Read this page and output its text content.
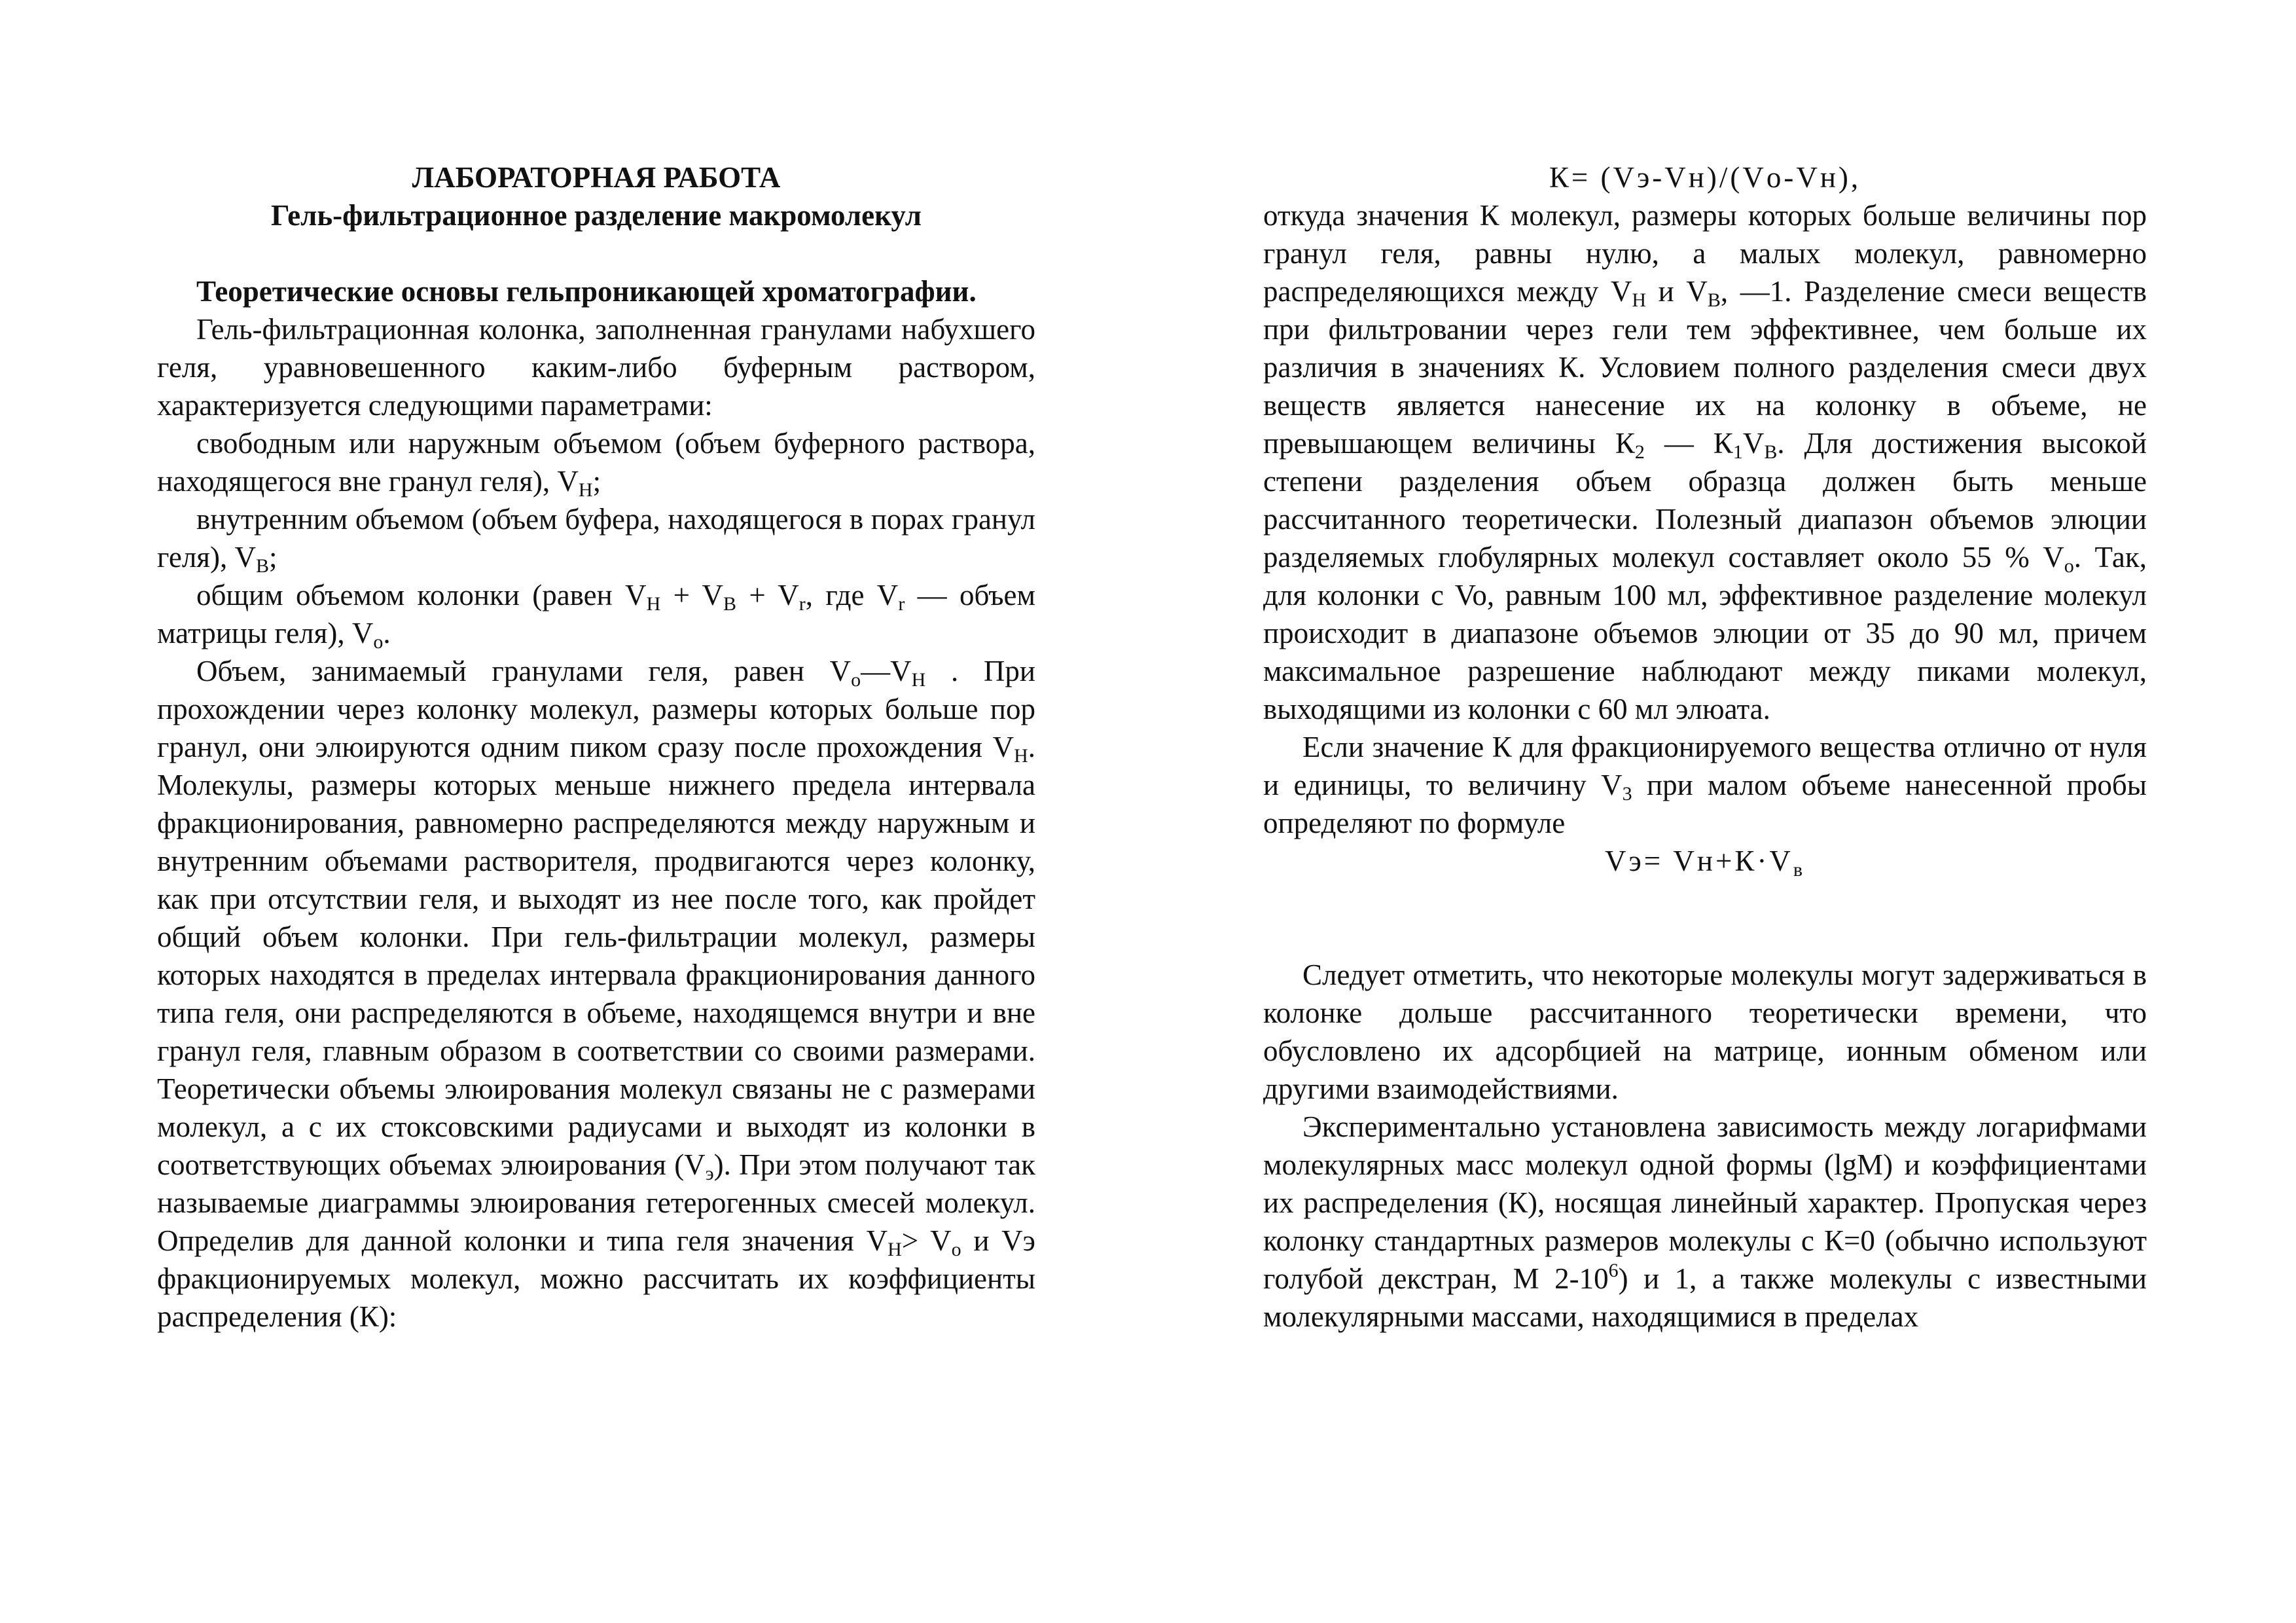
ЛАБОРАТОРНАЯ РАБОТА

Гель-фильтрационное разделение макромолекул

Теоретические основы гельпроникающей хроматографии.

Гель-фильтрационная колонка, заполненная гранулами набухшего геля, уравновешенного каким-либо буферным раствором, характеризуется следующими параметрами:

свободным или наружным объемом (объем буферного раствора, находящегося вне гранул геля), $V_H$;

внутренним объемом (объем буфера, находящегося в порах гранул геля), $V_B$;

общим объемом колонки (равен $V_H + V_B + V_r$, где $V_r$ — объем матрицы геля), $V_o$.

Объем, занимаемый гранулами геля, равен $V_o—V_H$ . При прохождении через колонку молекул, размеры которых больше пор гранул, они элюируются одним пиком сразу после прохождения $V_H$. Молекулы, размеры которых меньше нижнего предела интервала фракционирования, равномерно распределяются между наружным и внутренним объемами растворителя, продвигаются через колонку, как при отсутствии геля, и выходят из нее после того, как пройдет общий объем колонки. При гель-фильтрации молекул, размеры которых находятся в пределах интервала фракционирования данного типа геля, они распределяются в объеме, находящемся внутри и вне гранул геля, главным образом в соответствии со своими размерами. Теоретически объемы элюирования молекул связаны не с размерами молекул, а с их стоксовскими радиусами и выходят из колонки в соответствующих объемах элюирования $(V_э)$. При этом получают так называемые диаграммы элюирования гетерогенных смесей молекул. Определив для данной колонки и типа геля значения $V_H> V_o$ и Vэ фракционируемых молекул, можно рассчитать их коэффициенты распределения (К):

К= (Vэ-Vн)/(Vо-Vн),

откуда значения К молекул, размеры которых больше величины пор гранул геля, равны нулю, а малых молекул, равномерно распределяющихся между $V_H$ и $V_B$, —1. Разделение смеси веществ при фильтровании через гели тем эффективнее, чем больше их различия в значениях К. Условием полного разделения смеси двух веществ является нанесение их на колонку в объеме, не превышающем величины $К_2$ — $К_1V_B$. Для достижения высокой степени разделения объем образца должен быть меньше рассчитанного теоретически. Полезный диапазон объемов элюции разделяемых глобулярных молекул составляет около 55 % $V_o$. Так, для колонки с Vo, равным 100 мл, эффективное разделение молекул происходит в диапазоне объемов элюции от 35 до 90 мл, причем максимальное разрешение наблюдают между пиками молекул, выходящими из колонки с 60 мл элюата.

Если значение К для фракционируемого вещества отлично от нуля и единицы, то величину $V_3$ при малом объеме нанесенной пробы определяют по формуле

$Vэ= Vн+К\cdot V_в$

Следует отметить, что некоторые молекулы могут задерживаться в колонке дольше рассчитанного теоретически времени, что обусловлено их адсорбцией на матрице, ионным обменом или другими взаимодействиями.

Экспериментально установлена зависимость между логарифмами молекулярных масс молекул одной формы (lgM) и коэффициентами их распределения (К), носящая линейный характер. Пропуская через колонку стандартных размеров молекулы с К=0 (обычно используют голубой декстран, М $2-10^6$) и 1, а также молекулы с известными молекулярными массами, находящимися в пределах
